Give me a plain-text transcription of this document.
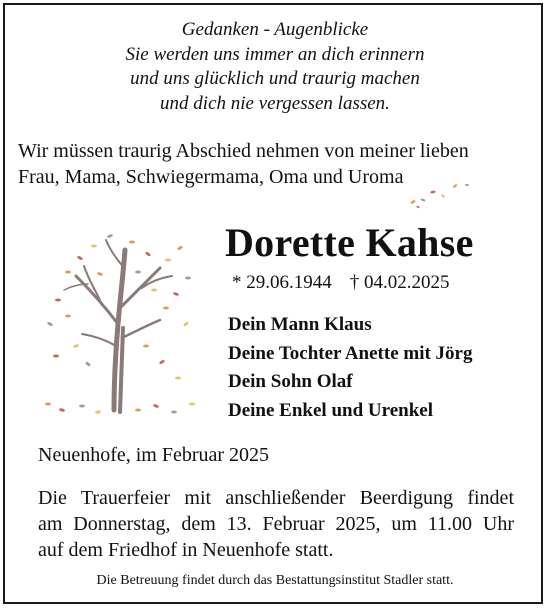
Gedanken - Augenblicke
Sie werden uns immer an dich erinnern
und uns glücklich und traurig machen
und dich nie vergessen lassen.
Wir müssen traurig Abschied nehmen von meiner lieben
Frau, Mama, Schwiegermama, Oma und Uroma
Dorette Kahse
* 29.06.1944 † 04.02.2025
Dein Mann Klaus
Deine Tochter Anette mit Jörg
Dein Sohn Olaf
Deine Enkel und Urenkel
Neuenhofe, im Februar 2025
Die Trauerfeier mit anschließender Beerdigung findet
am Donnerstag, dem 13. Februar 2025, um 11.00 Uhr
auf dem Friedhof in Neuenhofe statt.
Die Betreuung findet durch das Bestattungsinstitut Stadler statt.
